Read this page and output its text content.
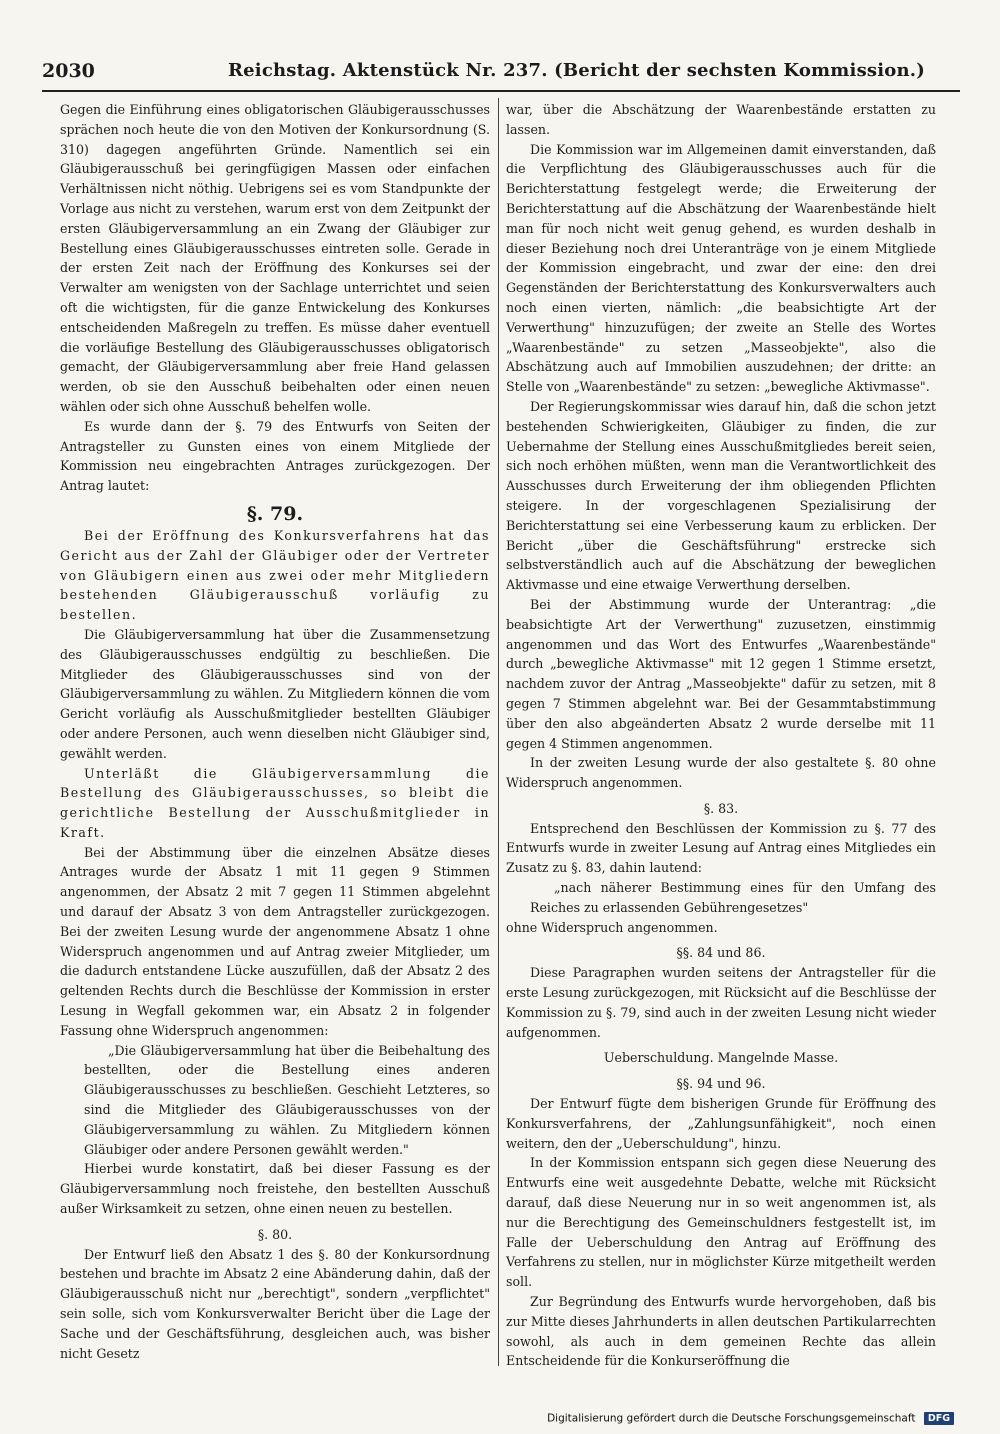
2030	Reichstag. Aktenstück Nr. 237. (Bericht der sechsten Kommission.)

Gegen die Einführung eines obligatorischen Gläubigerausschusses sprächen noch heute die von den Motiven der Konkursordnung (S. 310) dagegen angeführten Gründe. Namentlich sei ein Gläubigerausschuß bei geringfügigen Massen oder einfachen Verhältnissen nicht nöthig. Uebrigens sei es vom Standpunkte der Vorlage aus nicht zu verstehen, warum erst von dem Zeitpunkt der ersten Gläubigerversammlung an ein Zwang der Gläubiger zur Bestellung eines Gläubigerausschusses eintreten solle. Gerade in der ersten Zeit nach der Eröffnung des Konkurses sei der Verwalter am wenigsten von der Sachlage unterrichtet und seien oft die wichtigsten, für die ganze Entwickelung des Konkurses entscheidenden Maßregeln zu treffen. Es müsse daher eventuell die vorläufige Bestellung des Gläubigerausschusses obligatorisch gemacht, der Gläubigerversammlung aber freie Hand gelassen werden, ob sie den Ausschuß beibehalten oder einen neuen wählen oder sich ohne Ausschuß behelfen wolle.

Es wurde dann der §. 79 des Entwurfs von Seiten der Antragsteller zu Gunsten eines von einem Mitgliede der Kommission neu eingebrachten Antrages zurückgezogen. Der Antrag lautet:

§. 79.

Bei der Eröffnung des Konkursverfahrens hat das Gericht aus der Zahl der Gläubiger oder der Vertreter von Gläubigern einen aus zwei oder mehr Mitgliedern bestehenden Gläubigerausschuß vorläufig zu bestellen.

Die Gläubigerversammlung hat über die Zusammensetzung des Gläubigerausschusses endgültig zu beschließen. Die Mitglieder des Gläubigerausschusses sind von der Gläubigerversammlung zu wählen. Zu Mitgliedern können die vom Gericht vorläufig als Ausschußmitglieder bestellten Gläubiger oder andere Personen, auch wenn dieselben nicht Gläubiger sind, gewählt werden.

Unterläßt die Gläubigerversammlung die Bestellung des Gläubigerausschusses, so bleibt die gerichtliche Bestellung der Ausschußmitglieder in Kraft.

Bei der Abstimmung über die einzelnen Absätze dieses Antrages wurde der Absatz 1 mit 11 gegen 9 Stimmen angenommen, der Absatz 2 mit 7 gegen 11 Stimmen abgelehnt und darauf der Absatz 3 von dem Antragsteller zurückgezogen. Bei der zweiten Lesung wurde der angenommene Absatz 1 ohne Widerspruch angenommen und auf Antrag zweier Mitglieder, um die dadurch entstandene Lücke auszufüllen, daß der Absatz 2 des geltenden Rechts durch die Beschlüsse der Kommission in erster Lesung in Wegfall gekommen war, ein Absatz 2 in folgender Fassung ohne Widerspruch angenommen:

„Die Gläubigerversammlung hat über die Beibehaltung des bestellten, oder die Bestellung eines anderen Gläubigerausschusses zu beschließen. Geschieht Letzteres, so sind die Mitglieder des Gläubigerausschusses von der Gläubigerversammlung zu wählen. Zu Mitgliedern können Gläubiger oder andere Personen gewählt werden."

Hierbei wurde konstatirt, daß bei dieser Fassung es der Gläubigerversammlung noch freistehe, den bestellten Ausschuß außer Wirksamkeit zu setzen, ohne einen neuen zu bestellen.

§. 80.

Der Entwurf ließ den Absatz 1 des §. 80 der Konkursordnung bestehen und brachte im Absatz 2 eine Abänderung dahin, daß der Gläubigerausschuß nicht nur „berechtigt", sondern „verpflichtet" sein solle, sich vom Konkursverwalter Bericht über die Lage der Sache und der Geschäftsführung, desgleichen auch, was bisher nicht Gesetz

war, über die Abschätzung der Waarenbestände erstatten zu lassen.

Die Kommission war im Allgemeinen damit einverstanden, daß die Verpflichtung des Gläubigerausschusses auch für die Berichterstattung festgelegt werde; die Erweiterung der Berichterstattung auf die Abschätzung der Waarenbestände hielt man für noch nicht weit genug gehend, es wurden deshalb in dieser Beziehung noch drei Unteranträge von je einem Mitgliede der Kommission eingebracht, und zwar der eine: den drei Gegenständen der Berichterstattung des Konkursverwalters auch noch einen vierten, nämlich: „die beabsichtigte Art der Verwerthung" hinzuzufügen; der zweite an Stelle des Wortes „Waarenbestände" zu setzen „Masseobjekte", also die Abschätzung auch auf Immobilien auszudehnen; der dritte: an Stelle von „Waarenbestände" zu setzen: „bewegliche Aktivmasse".

Der Regierungskommissar wies darauf hin, daß die schon jetzt bestehenden Schwierigkeiten, Gläubiger zu finden, die zur Uebernahme der Stellung eines Ausschußmitgliedes bereit seien, sich noch erhöhen müßten, wenn man die Verantwortlichkeit des Ausschusses durch Erweiterung der ihm obliegenden Pflichten steigere. In der vorgeschlagenen Spezialisirung der Berichterstattung sei eine Verbesserung kaum zu erblicken. Der Bericht „über die Geschäftsführung" erstrecke sich selbstverständlich auch auf die Abschätzung der beweglichen Aktivmasse und eine etwaige Verwerthung derselben.

Bei der Abstimmung wurde der Unterantrag: „die beabsichtigte Art der Verwerthung" zuzusetzen, einstimmig angenommen und das Wort des Entwurfes „Waarenbestände" durch „bewegliche Aktivmasse" mit 12 gegen 1 Stimme ersetzt, nachdem zuvor der Antrag „Masseobjekte" dafür zu setzen, mit 8 gegen 7 Stimmen abgelehnt war. Bei der Gesammtabstimmung über den also abgeänderten Absatz 2 wurde derselbe mit 11 gegen 4 Stimmen angenommen.

In der zweiten Lesung wurde der also gestaltete §. 80 ohne Widerspruch angenommen.

§. 83.

Entsprechend den Beschlüssen der Kommission zu §. 77 des Entwurfs wurde in zweiter Lesung auf Antrag eines Mitgliedes ein Zusatz zu §. 83, dahin lautend:

„nach näherer Bestimmung eines für den Umfang des Reiches zu erlassenden Gebührengesetzes"

ohne Widerspruch angenommen.

§§. 84 und 86.

Diese Paragraphen wurden seitens der Antragsteller für die erste Lesung zurückgezogen, mit Rücksicht auf die Beschlüsse der Kommission zu §. 79, sind auch in der zweiten Lesung nicht wieder aufgenommen.

Ueberschuldung. Mangelnde Masse.

§§. 94 und 96.

Der Entwurf fügte dem bisherigen Grunde für Eröffnung des Konkursverfahrens, der „Zahlungsunfähigkeit", noch einen weitern, den der „Ueberschuldung", hinzu.

In der Kommission entspann sich gegen diese Neuerung des Entwurfs eine weit ausgedehnte Debatte, welche mit Rücksicht darauf, daß diese Neuerung nur in so weit angenommen ist, als nur die Berechtigung des Gemeinschuldners festgestellt ist, im Falle der Ueberschuldung den Antrag auf Eröffnung des Verfahrens zu stellen, nur in möglichster Kürze mitgetheilt werden soll.

Zur Begründung des Entwurfs wurde hervorgehoben, daß bis zur Mitte dieses Jahrhunderts in allen deutschen Partikularrechten sowohl, als auch in dem gemeinen Rechte das allein Entscheidende für die Konkurseröffnung die

Digitalisierung gefördert durch die Deutsche Forschungsgemeinschaft DFG
